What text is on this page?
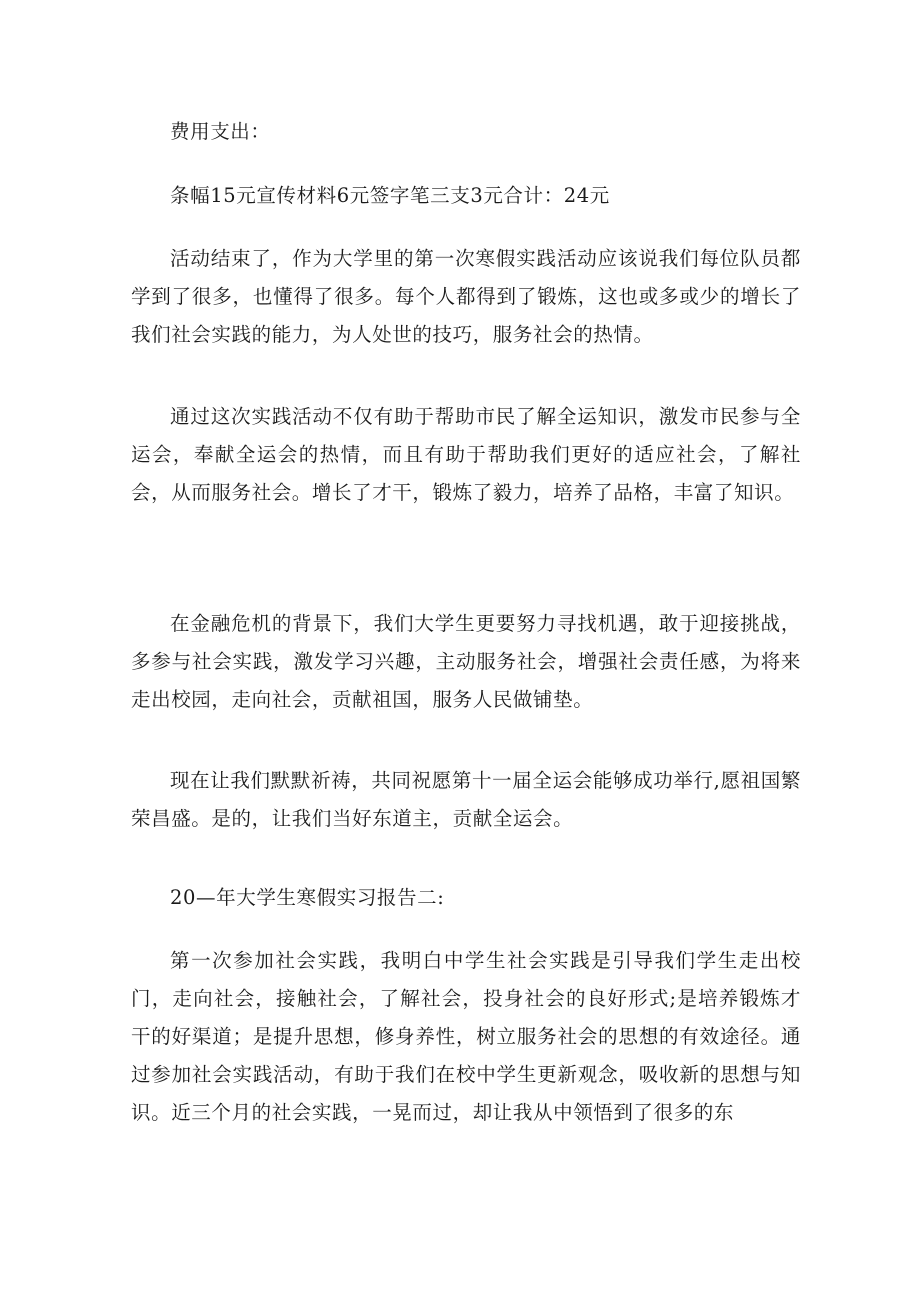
费用支出：

条幅15元宣传材料6元签字笔三支3元合计：24元

活动结束了，作为大学里的第一次寒假实践活动应该说我们每位队员都学到了很多，也懂得了很多。每个人都得到了锻炼，这也或多或少的增长了我们社会实践的能力，为人处世的技巧，服务社会的热情。

通过这次实践活动不仅有助于帮助市民了解全运知识，激发市民参与全运会，奉献全运会的热情，而且有助于帮助我们更好的适应社会，了解社会，从而服务社会。增长了才干，锻炼了毅力，培养了品格，丰富了知识。

在金融危机的背景下，我们大学生更要努力寻找机遇，敢于迎接挑战，多参与社会实践，激发学习兴趣，主动服务社会，增强社会责任感，为将来走出校园，走向社会，贡献祖国，服务人民做铺垫。

现在让我们默默祈祷，共同祝愿第十一届全运会能够成功举行,愿祖国繁荣昌盛。是的，让我们当好东道主，贡献全运会。

20—年大学生寒假实习报告二:

第一次参加社会实践，我明白中学生社会实践是引导我们学生走出校门，走向社会，接触社会，了解社会，投身社会的良好形式;是培养锻炼才干的好渠道；是提升思想，修身养性，树立服务社会的思想的有效途径。通过参加社会实践活动，有助于我们在校中学生更新观念，吸收新的思想与知识。近三个月的社会实践，一晃而过，却让我从中领悟到了很多的东
